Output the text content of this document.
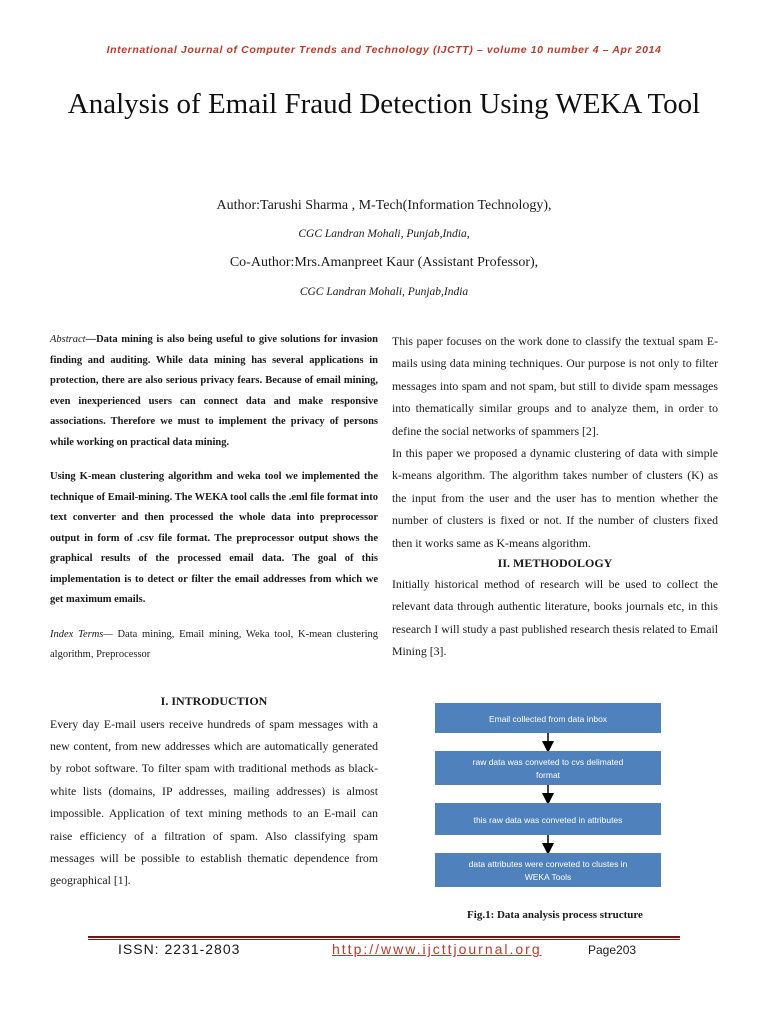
International Journal of Computer Trends and Technology (IJCTT) – volume 10 number 4 – Apr 2014

Analysis of Email Fraud Detection Using WEKA Tool

Author:Tarushi Sharma , M-Tech(Information Technology),

CGC Landran Mohali, Punjab,India,

Co-Author:Mrs.Amanpreet Kaur (Assistant Professor),

CGC Landran Mohali, Punjab,India

Abstract—Data mining is also being useful to give solutions for invasion finding and auditing. While data mining has several applications in protection, there are also serious privacy fears. Because of email mining, even inexperienced users can connect data and make responsive associations. Therefore we must to implement the privacy of persons while working on practical data mining.

Using K-mean clustering algorithm and weka tool we implemented the technique of Email-mining. The WEKA tool calls the .eml file format into text converter and then processed the whole data into preprocessor output in form of .csv file format. The preprocessor output shows the graphical results of the processed email data. The goal of this implementation is to detect or filter the email addresses from which we get maximum emails.

Index Terms— Data mining, Email mining, Weka tool, K-mean clustering algorithm, Preprocessor

I. INTRODUCTION

Every day E-mail users receive hundreds of spam messages with a new content, from new addresses which are automatically generated by robot software. To filter spam with traditional methods as black-white lists (domains, IP addresses, mailing addresses) is almost impossible. Application of text mining methods to an E-mail can raise efficiency of a filtration of spam. Also classifying spam messages will be possible to establish thematic dependence from geographical [1].

This paper focuses on the work done to classify the textual spam E-mails using data mining techniques. Our purpose is not only to filter messages into spam and not spam, but still to divide spam messages into thematically similar groups and to analyze them, in order to define the social networks of spammers [2].

In this paper we proposed a dynamic clustering of data with simple k-means algorithm. The algorithm takes number of clusters (K) as the input from the user and the user has to mention whether the number of clusters is fixed or not. If the number of clusters fixed then it works same as K-means algorithm.

II. METHODOLOGY

Initially historical method of research will be used to collect the relevant data through authentic literature, books journals etc, in this research I will study a past published research thesis related to Email Mining [3].

Email collected from data inbox
raw data was conveted to cvs delimated
format
this raw data was conveted in attributes
data attributes were conveted to clustes in
WEKA Tools

Fig.1: Data analysis process structure

ISSN: 2231-2803	http://www.ijcttjournal.org	Page203
